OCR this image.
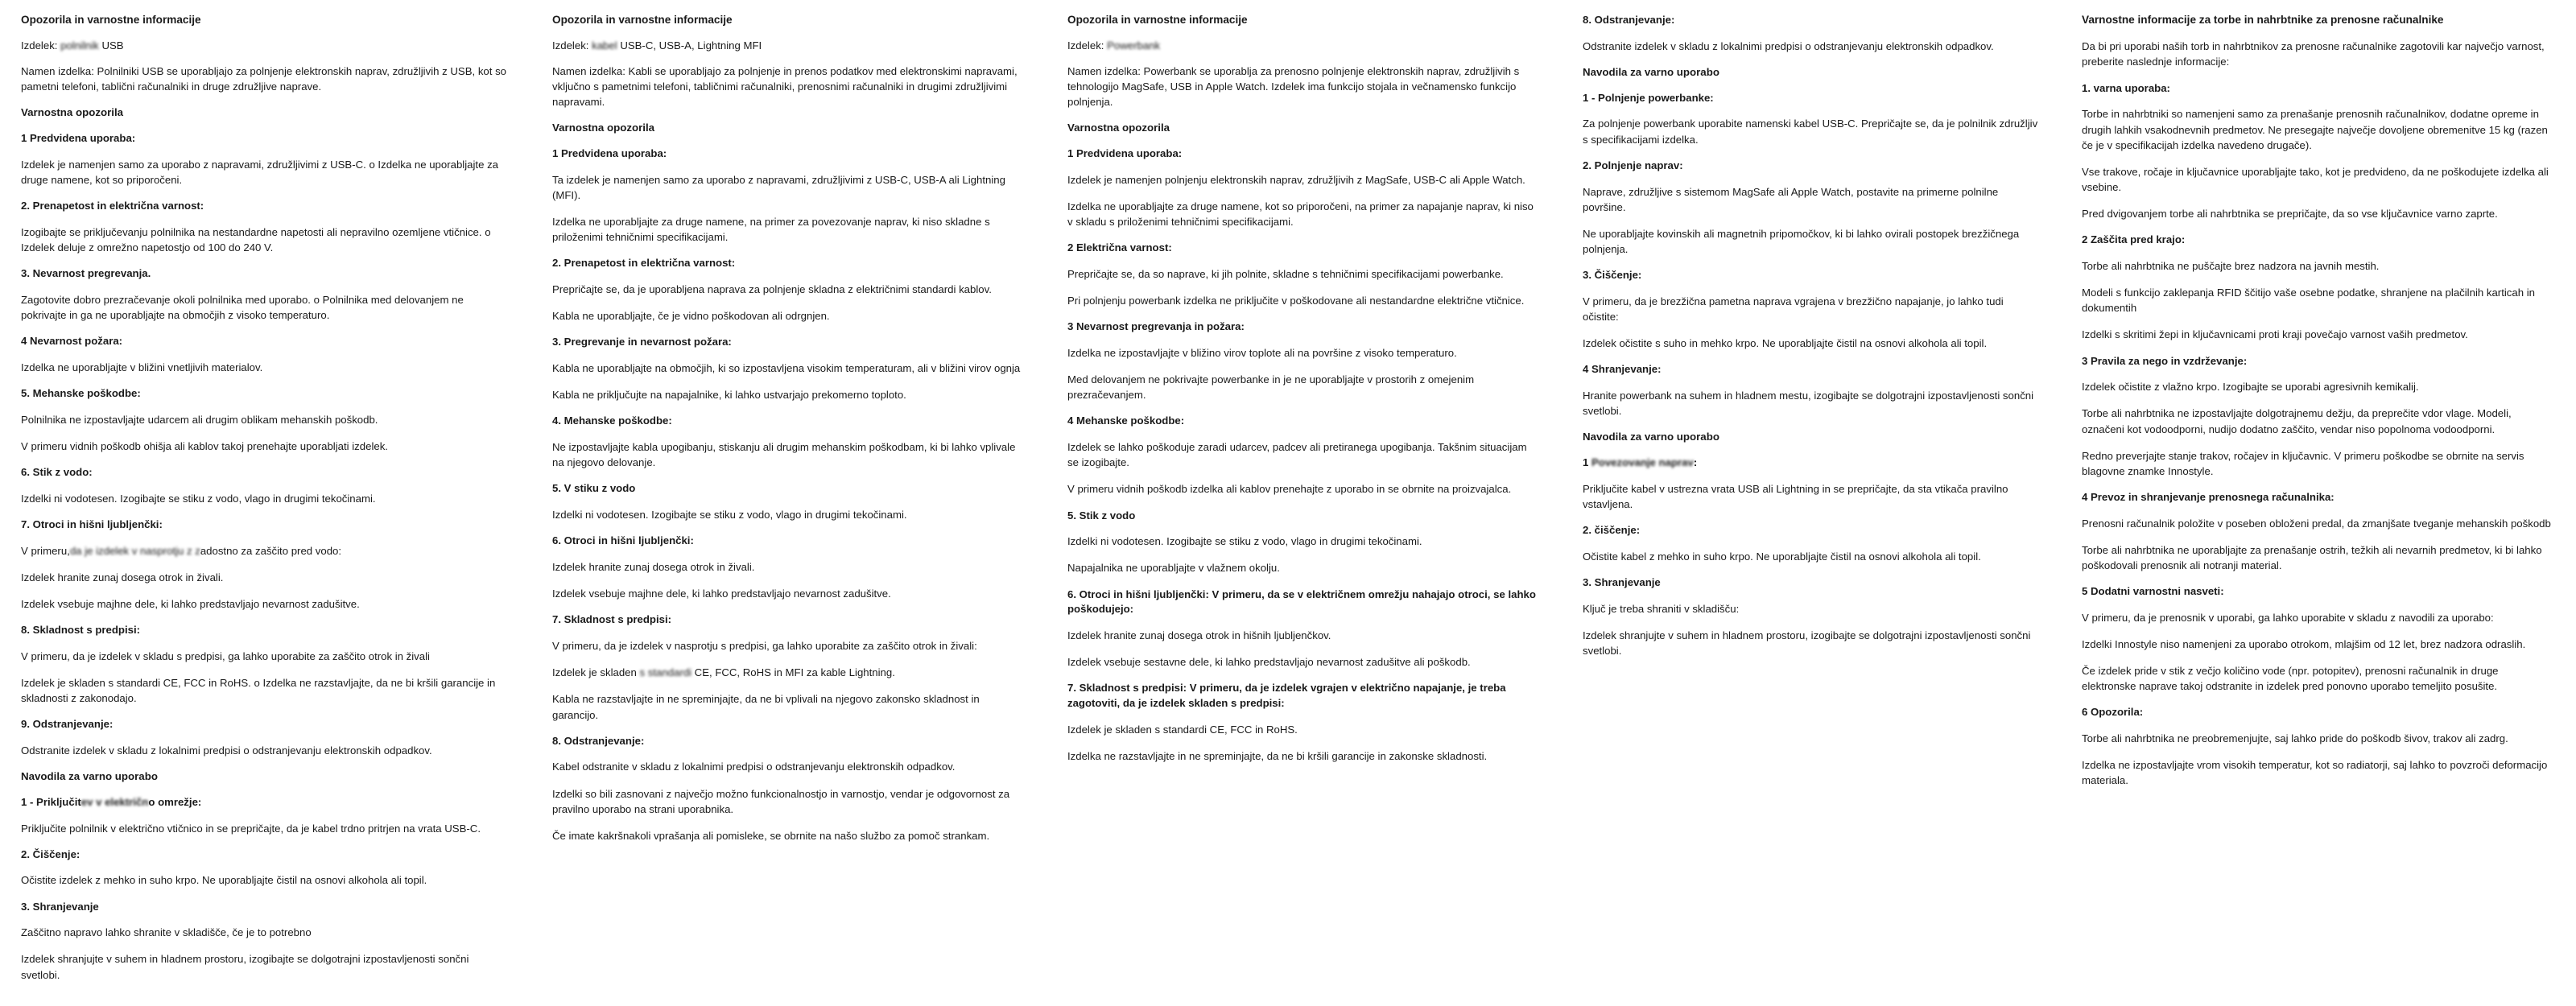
Opozorila in varnostne informacije
Izdelek: polnilnik USB

Namen izdelka: Polnilniki USB se uporabljajo za polnjenje elektronskih naprav, združljivih z USB, kot so pametni telefoni, tablični računalniki in druge združljive naprave.

Varnostna opozorila
1 Predvidena uporaba:

Izdelek je namenjen samo za uporabo z napravami, združljivimi z USB-C. o Izdelka ne uporabljajte za druge namene, kot so priporočeni.

2. Prenapetost in električna varnost:

Izogibajte se priključevanju polnilnika na nestandardne napetosti ali nepravilno ozemljene vtičnice. o Izdelek deluje z omrežno napetostjo od 100 do 240 V.

3. Nevarnost pregrevanja.

Zagotovite dobro prezračevanje okoli polnilnika med uporabo. o Polnilnika med delovanjem ne pokrivajte in ga ne uporabljajte na območjih z visoko temperaturo.

4 Nevarnost požara:

Izdelka ne uporabljajte v bližini vnetljivih materialov.

5. Mehanske poškodbe:

Polnilnika ne izpostavljajte udarcem ali drugim oblikam mehanskih poškodb.

V primeru vidnih poškodb ohišja ali kablov takoj prenehajte uporabljati izdelek.

6. Stik z vodo:

Izdelki ni vodotesen. Izogibajte se stiku z vodo, vlago in drugimi tekočinami.

7. Otroci in hišni ljubljenčki:

V primeru,da je izdelek v nasprotju z zadostno za zaščito pred vodo:

Izdelek hranite zunaj dosega otrok in živali.

Izdelek vsebuje majhne dele, ki lahko predstavljajo nevarnost zadušitve.

8. Skladnost s predpisi:

V primeru, da je izdelek v skladu s predpisi, ga lahko uporabite za zaščito otrok in živali

Izdelek je skladen s standardi CE, FCC in RoHS. o Izdelka ne razstavljajte, da ne bi kršili garancije in skladnosti z zakonodajo.

9. Odstranjevanje:

Odstranite izdelek v skladu z lokalnimi predpisi o odstranjevanju elektronskih odpadkov.

Navodila za varno uporabo
1 - Priključitev v električno omrežje:

Priključite polnilnik v električno vtičnico in se prepričajte, da je kabel trdno pritrjen na vrata USB-C.

2. Čiščenje:

Očistite izdelek z mehko in suho krpo. Ne uporabljajte čistil na osnovi alkohola ali topil.

3. Shranjevanje

Zaščitno napravo lahko shranite v skladišče, če je to potrebno

Izdelek shranjujte v suhem in hladnem prostoru, izogibajte se dolgotrajni izpostavljenosti sončni svetlobi.

Opozorila in varnostne informacije
Izdelek: kabel USB-C, USB-A, Lightning MFI

Namen izdelka: Kabli se uporabljajo za polnjenje in prenos podatkov med elektronskimi napravami, vključno s pametnimi telefoni, tabličnimi računalniki, prenosnimi računalniki in drugimi združljivimi napravami.

Varnostna opozorila
1 Predvidena uporaba:

Ta izdelek je namenjen samo za uporabo z napravami, združljivimi z USB-C, USB-A ali Lightning (MFI).

Izdelka ne uporabljajte za druge namene, na primer za povezovanje naprav, ki niso skladne s priloženimi tehničnimi specifikacijami.

2. Prenapetost in električna varnost:

Prepričajte se, da je uporabljena naprava za polnjenje skladna z električnimi standardi kablov.

Kabla ne uporabljajte, če je vidno poškodovan ali odrgnjen.

3. Pregrevanje in nevarnost požara:

Kabla ne uporabljajte na območjih, ki so izpostavljena visokim temperaturam, ali v bližini virov ognja

Kabla ne priključujte na napajalnike, ki lahko ustvarjajo prekomerno toploto.

4. Mehanske poškodbe:

Ne izpostavljajte kabla upogibanju, stiskanju ali drugim mehanskim poškodbam, ki bi lahko vplivale na njegovo delovanje.

5. V stiku z vodo

Izdelki ni vodotesen. Izogibajte se stiku z vodo, vlago in drugimi tekočinami.

6. Otroci in hišni ljubljenčki:

Izdelek hranite zunaj dosega otrok in živali.

Izdelek vsebuje majhne dele, ki lahko predstavljajo nevarnost zadušitve.

7. Skladnost s predpisi:

V primeru, da je izdelek v nasprotju s predpisi, ga lahko uporabite za zaščito otrok in živali:

Izdelek je skladen s standardi CE, FCC, RoHS in MFI za kable Lightning.

Kabla ne razstavljajte in ne spreminjajte, da ne bi vplivali na njegovo zakonsko skladnost in garancijo.

8. Odstranjevanje:

Kabel odstranite v skladu z lokalnimi predpisi o odstranjevanju elektronskih odpadkov.

Izdelki so bili zasnovani z največjo možno funkcionalnostjo in varnostjo, vendar je odgovornost za pravilno uporabo na strani uporabnika.

Če imate kakršnakoli vprašanja ali pomisleke, se obrnite na našo službo za pomoč strankam.

Opozorila in varnostne informacije
Izdelek: Powerbank

Namen izdelka: Powerbank se uporablja za prenosno polnjenje elektronskih naprav, združljivih s tehnologijo MagSafe, USB in Apple Watch. Izdelek ima funkcijo stojala in večnamensko funkcijo polnjenja.

Varnostna opozorila
1 Predvidena uporaba:

Izdelek je namenjen polnjenju elektronskih naprav, združljivih z MagSafe, USB-C ali Apple Watch.

Izdelka ne uporabljajte za druge namene, kot so priporočeni, na primer za napajanje naprav, ki niso v skladu s priloženimi tehničnimi specifikacijami.

2 Električna varnost:

Prepričajte se, da so naprave, ki jih polnite, skladne s tehničnimi specifikacijami powerbanke.

Pri polnjenju powerbank izdelka ne priključite v poškodovane ali nestandardne električne vtičnice.

3 Nevarnost pregrevanja in požara:

Izdelka ne izpostavljajte v bližino virov toplote ali na površine z visoko temperaturo.

Med delovanjem ne pokrivajte powerbanke in je ne uporabljajte v prostorih z omejenim prezračevanjem.

4 Mehanske poškodbe:

Izdelek se lahko poškoduje zaradi udarcev, padcev ali pretiranega upogibanja. Takšnim situacijam se izogibajte.

V primeru vidnih poškodb izdelka ali kablov prenehajte z uporabo in se obrnite na proizvajalca.

5. Stik z vodo

Izdelki ni vodotesen. Izogibajte se stiku z vodo, vlago in drugimi tekočinami.

Napajalnika ne uporabljajte v vlažnem okolju.

6. Otroci in hišni ljubljenčki: V primeru, da se v električnem omrežju nahajajo otroci, se lahko poškodujejo:

Izdelek hranite zunaj dosega otrok in hišnih ljubljenčkov.

Izdelek vsebuje sestavne dele, ki lahko predstavljajo nevarnost zadušitve ali poškodb.

7. Skladnost s predpisi: V primeru, da je izdelek vgrajen v električno napajanje, je treba zagotoviti, da je izdelek skladen s predpisi:

Izdelek je skladen s standardi CE, FCC in RoHS.

Izdelka ne razstavljajte in ne spreminjajte, da ne bi kršili garancije in zakonske skladnosti.

8. Odstranjevanje:

Odstranite izdelek v skladu z lokalnimi predpisi o odstranjevanju elektronskih odpadkov.

Navodila za varno uporabo
1 - Polnjenje powerbanke:

Za polnjenje powerbank uporabite namenski kabel USB-C. Prepričajte se, da je polnilnik združljiv s specifikacijami izdelka.

2. Polnjenje naprav:

Naprave, združljive s sistemom MagSafe ali Apple Watch, postavite na primerne polnilne površine.

Ne uporabljajte kovinskih ali magnetnih pripomočkov, ki bi lahko ovirali postopek brezžičnega polnjenja.

3. Čiščenje:

V primeru, da je brezžična pametna naprava vgrajena v brezžično napajanje, jo lahko tudi očistite:

Izdelek očistite s suho in mehko krpo. Ne uporabljajte čistil na osnovi alkohola ali topil.

4 Shranjevanje:

Hranite powerbank na suhem in hladnem mestu, izogibajte se dolgotrajni izpostavljenosti sončni svetlobi.

Navodila za varno uporabo
1 Povezovanje naprav:

Priključite kabel v ustrezna vrata USB ali Lightning in se prepričajte, da sta vtikača pravilno vstavljena.

2. čiščenje:

Očistite kabel z mehko in suho krpo. Ne uporabljajte čistil na osnovi alkohola ali topil.

3. Shranjevanje

Ključ je treba shraniti v skladišču:

Izdelek shranjujte v suhem in hladnem prostoru, izogibajte se dolgotrajni izpostavljenosti sončni svetlobi.

Varnostne informacije za torbe in nahrbtnike za prenosne računalnike

Da bi pri uporabi naših torb in nahrbtnikov za prenosne računalnike zagotovili kar največjo varnost, preberite naslednje informacije:

1. varna uporaba:

Torbe in nahrbtniki so namenjeni samo za prenašanje prenosnih računalnikov, dodatne opreme in drugih lahkih vsakodnevnih predmetov. Ne presegajte največje dovoljene obremenitve 15 kg (razen če je v specifikacijah izdelka navedeno drugače).

Vse trakove, ročaje in ključavnice uporabljajte tako, kot je predvideno, da ne poškodujete izdelka ali vsebine.

Pred dvigovanjem torbe ali nahrbtnika se prepričajte, da so vse ključavnice varno zaprte.

2 Zaščita pred krajo:

Torbe ali nahrbtnika ne puščajte brez nadzora na javnih mestih.

Modeli s funkcijo zaklepanja RFID ščitijo vaše osebne podatke, shranjene na plačilnih karticah in dokumentih

Izdelki s skritimi žepi in ključavnicami proti kraji povečajo varnost vaših predmetov.

3 Pravila za nego in vzdrževanje:

Izdelek očistite z vlažno krpo. Izogibajte se uporabi agresivnih kemikalij.

Torbe ali nahrbtnika ne izpostavljajte dolgotrajnemu dežju, da preprečite vdor vlage. Modeli, označeni kot vodoodporni, nudijo dodatno zaščito, vendar niso popolnoma vodoodporni.

Redno preverjajte stanje trakov, ročajev in ključavnic. V primeru poškodbe se obrnite na servis blagovne znamke Innostyle.

4 Prevoz in shranjevanje prenosnega računalnika:

Prenosni računalnik položite v poseben obloženi predal, da zmanjšate tveganje mehanskih poškodb

Torbe ali nahrbtnika ne uporabljajte za prenašanje ostrih, težkih ali nevarnih predmetov, ki bi lahko poškodovali prenosnik ali notranji material.

5 Dodatni varnostni nasveti:

V primeru, da je prenosnik v uporabi, ga lahko uporabite v skladu z navodili za uporabo:

Izdelki Innostyle niso namenjeni za uporabo otrokom, mlajšim od 12 let, brez nadzora odraslih.

Če izdelek pride v stik z večjo količino vode (npr. potopitev), prenosni računalnik in druge elektronske naprave takoj odstranite in izdelek pred ponovno uporabo temeljito posušite.

6 Opozorila:

Torbe ali nahrbtnika ne preobremenjujte, saj lahko pride do poškodb šivov, trakov ali zadrg.

Izdelka ne izpostavljajte vrom visokih temperatur, kot so radiatorji, saj lahko to povzroči deformacijo materiala.
